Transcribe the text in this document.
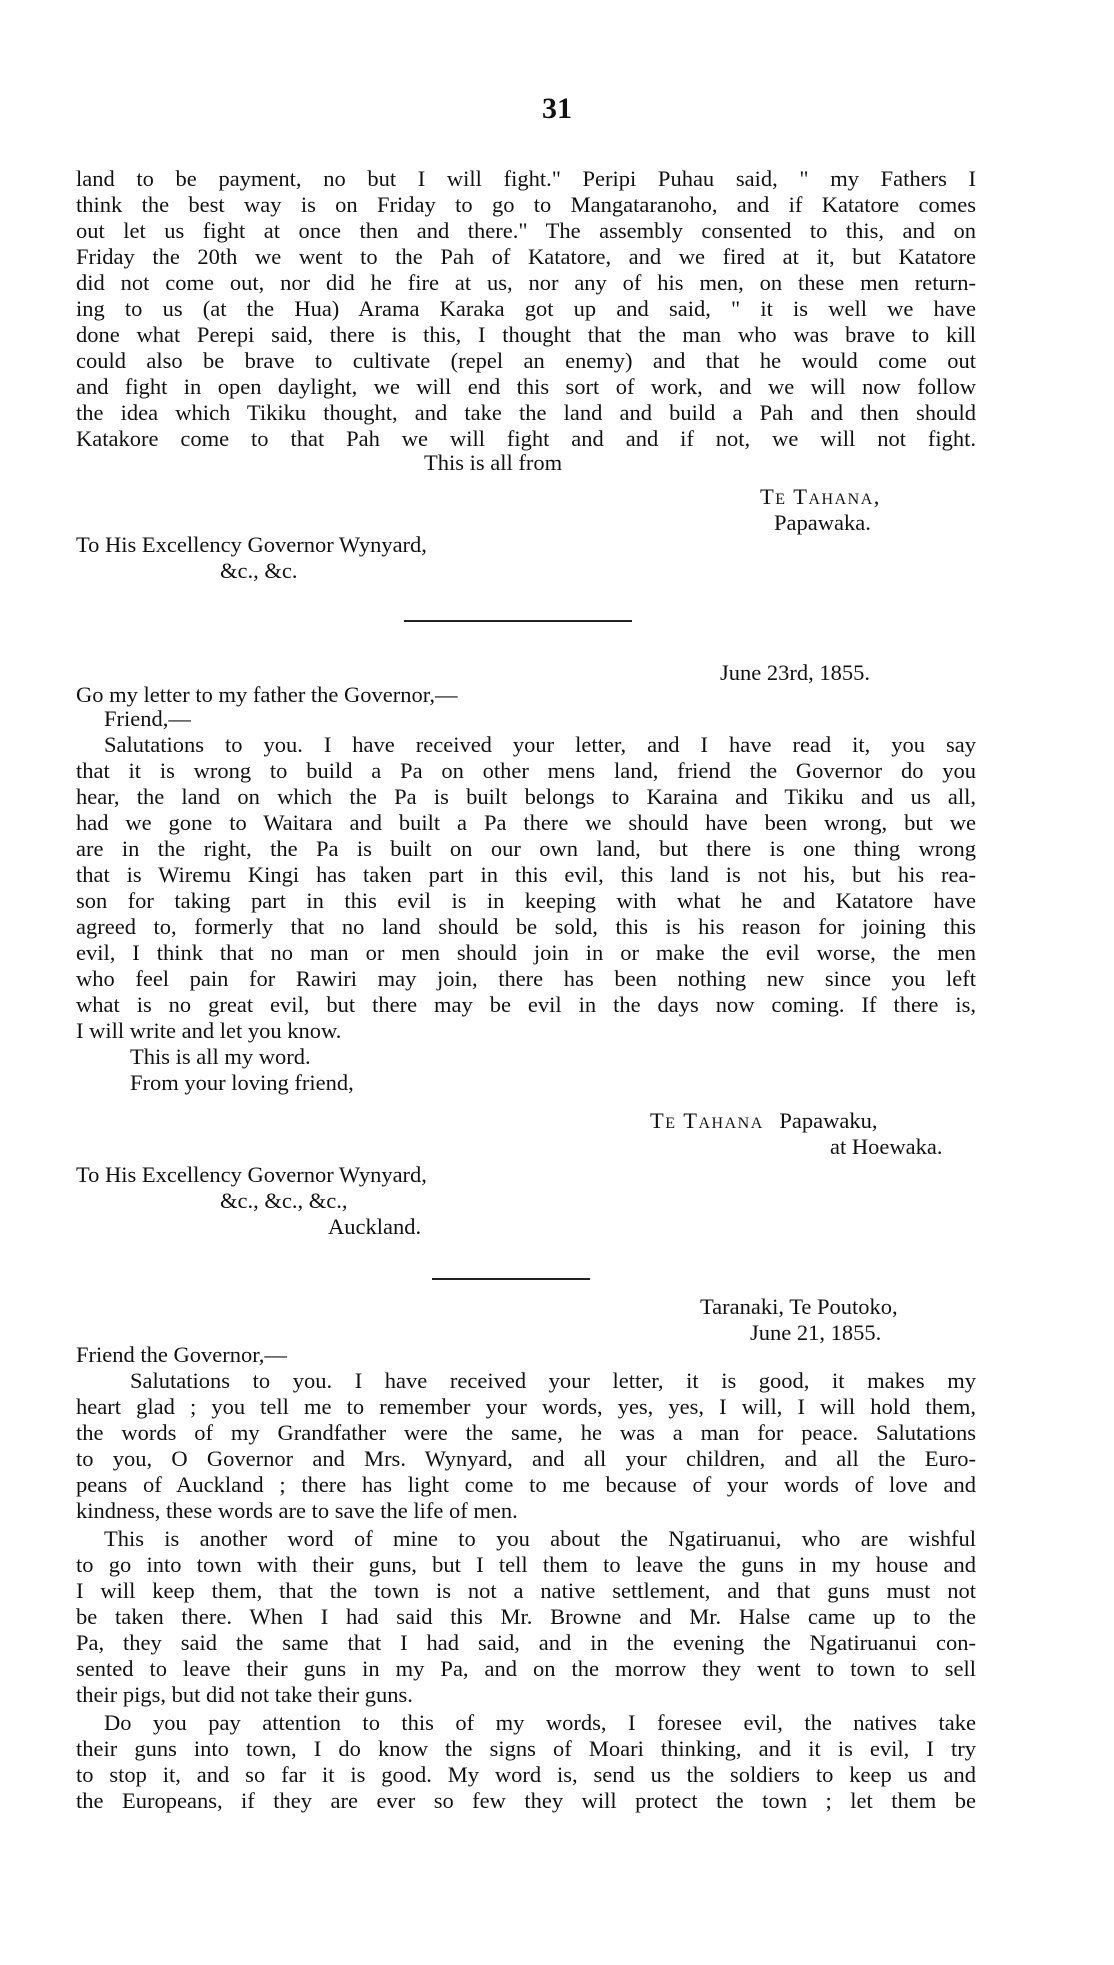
31
land to be payment, no but I will fight." Peripi Puhau said, " my Fathers I
think the best way is on Friday to go to Mangataranoho, and if Katatore comes
out let us fight at once then and there." The assembly consented to this, and on
Friday the 20th we went to the Pah of Katatore, and we fired at it, but Katatore
did not come out, nor did he fire at us, nor any of his men, on these men return-
ing to us (at the Hua) Arama Karaka got up and said, " it is well we have
done what Perepi said, there is this, I thought that the man who was brave to kill
could also be brave to cultivate (repel an enemy) and that he would come out
and fight in open daylight, we will end this sort of work, and we will now follow
the idea which Tikiku thought, and take the land and build a Pah and then should
Katakore come to that Pah we will fight and and if not, we will not fight.
This is all from
Te Tahana,
Papawaka.
To His Excellency Governor Wynyard,
&c., &c.
June 23rd, 1855.
Go my letter to my father the Governor,—
Friend,—
Salutations to you. I have received your letter, and I have read it, you say
that it is wrong to build a Pa on other mens land, friend the Governor do you
hear, the land on which the Pa is built belongs to Karaina and Tikiku and us all,
had we gone to Waitara and built a Pa there we should have been wrong, but we
are in the right, the Pa is built on our own land, but there is one thing wrong
that is Wiremu Kingi has taken part in this evil, this land is not his, but his rea-
son for taking part in this evil is in keeping with what he and Katatore have
agreed to, formerly that no land should be sold, this is his reason for joining this
evil, I think that no man or men should join in or make the evil worse, the men
who feel pain for Rawiri may join, there has been nothing new since you left
what is no great evil, but there may be evil in the days now coming. If there is,
I will write and let you know.
This is all my word.
From your loving friend,
Te Tahana Papawaku,
at Hoewaka.
To His Excellency Governor Wynyard,
&c., &c., &c.,
Auckland.
Taranaki, Te Poutoko,
June 21, 1855.
Friend the Governor,—
Salutations to you. I have received your letter, it is good, it makes my
heart glad ; you tell me to remember your words, yes, yes, I will, I will hold them,
the words of my Grandfather were the same, he was a man for peace. Salutations
to you, O Governor and Mrs. Wynyard, and all your children, and all the Euro-
peans of Auckland ; there has light come to me because of your words of love and
kindness, these words are to save the life of men.
This is another word of mine to you about the Ngatiruanui, who are wishful
to go into town with their guns, but I tell them to leave the guns in my house and
I will keep them, that the town is not a native settlement, and that guns must not
be taken there. When I had said this Mr. Browne and Mr. Halse came up to the
Pa, they said the same that I had said, and in the evening the Ngatiruanui con-
sented to leave their guns in my Pa, and on the morrow they went to town to sell
their pigs, but did not take their guns.
Do you pay attention to this of my words, I foresee evil, the natives take
their guns into town, I do know the signs of Moari thinking, and it is evil, I try
to stop it, and so far it is good. My word is, send us the soldiers to keep us and
the Europeans, if they are ever so few they will protect the town ; let them be
